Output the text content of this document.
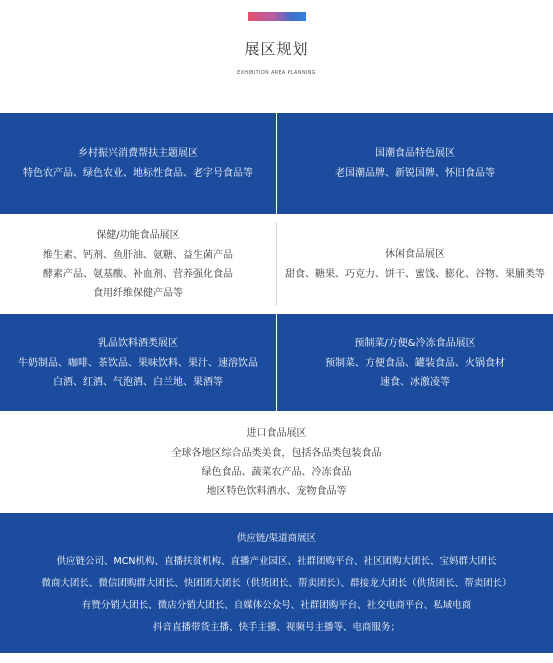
展区规划
EXHIBITION AREA PLANNING
乡村振兴消费帮扶主题展区
特色农产品、绿色农业、地标性食品、老字号食品等
国潮食品特色展区
老国潮品牌、新锐国牌、怀旧食品等
保健/功能食品展区
维生素、钙剂、鱼肝油、氨糖、益生菌产品
酵素产品、氨基酸、补血剂、营养强化食品
食用纤维保健产品等
休闲食品展区
甜食、糖果、巧克力、饼干、蜜饯、膨化、谷物、果脯类等
乳品饮料酒类展区
牛奶制品、咖啡、茶饮品、果味饮料、果汁、速溶饮品
白酒、红酒、气泡酒、白兰地、果酒等
预制菜/方便&冷冻食品展区
预制菜、方便食品、罐装食品、火锅食材
速食、冰激凌等
进口食品展区
全球各地区综合品类美食，包括各品类包装食品
绿色食品、蔬菜农产品、冷冻食品
地区特色饮料酒水、宠物食品等
供应链/渠道商展区
供应链公司、MCN机构、直播扶贫机构、直播产业园区、社群团购平台、社区团购大团长、宝妈群大团长
微商大团长、微信团购群大团长、快团团大团长（供货团长、帮卖团长）、群接龙大团长（供货团长、帮卖团长）
有赞分销大团长、微店分销大团长、自媒体公众号、社群团购平台、社交电商平台、私域电商
抖音直播带货主播、快手主播、视频号主播等、电商服务；
